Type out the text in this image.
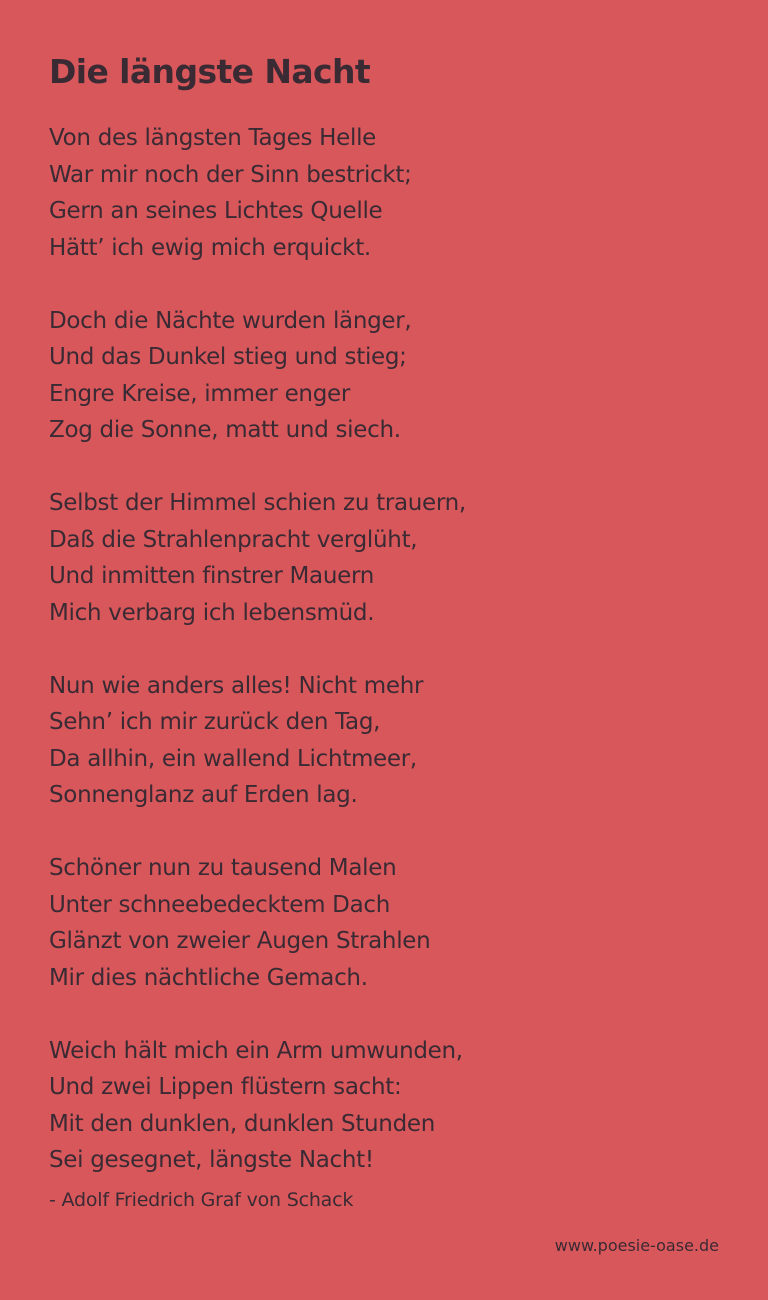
Die längste Nacht
Von des längsten Tages Helle
War mir noch der Sinn bestrickt;
Gern an seines Lichtes Quelle
Hätt’ ich ewig mich erquickt.
Doch die Nächte wurden länger,
Und das Dunkel stieg und stieg;
Engre Kreise, immer enger
Zog die Sonne, matt und siech.
Selbst der Himmel schien zu trauern,
Daß die Strahlenpracht verglüht,
Und inmitten finstrer Mauern
Mich verbarg ich lebensmüd.
Nun wie anders alles! Nicht mehr
Sehn’ ich mir zurück den Tag,
Da allhin, ein wallend Lichtmeer,
Sonnenglanz auf Erden lag.
Schöner nun zu tausend Malen
Unter schneebedecktem Dach
Glänzt von zweier Augen Strahlen
Mir dies nächtliche Gemach.
Weich hält mich ein Arm umwunden,
Und zwei Lippen flüstern sacht:
Mit den dunklen, dunklen Stunden
Sei gesegnet, längste Nacht!
- Adolf Friedrich Graf von Schack
www.poesie-oase.de
